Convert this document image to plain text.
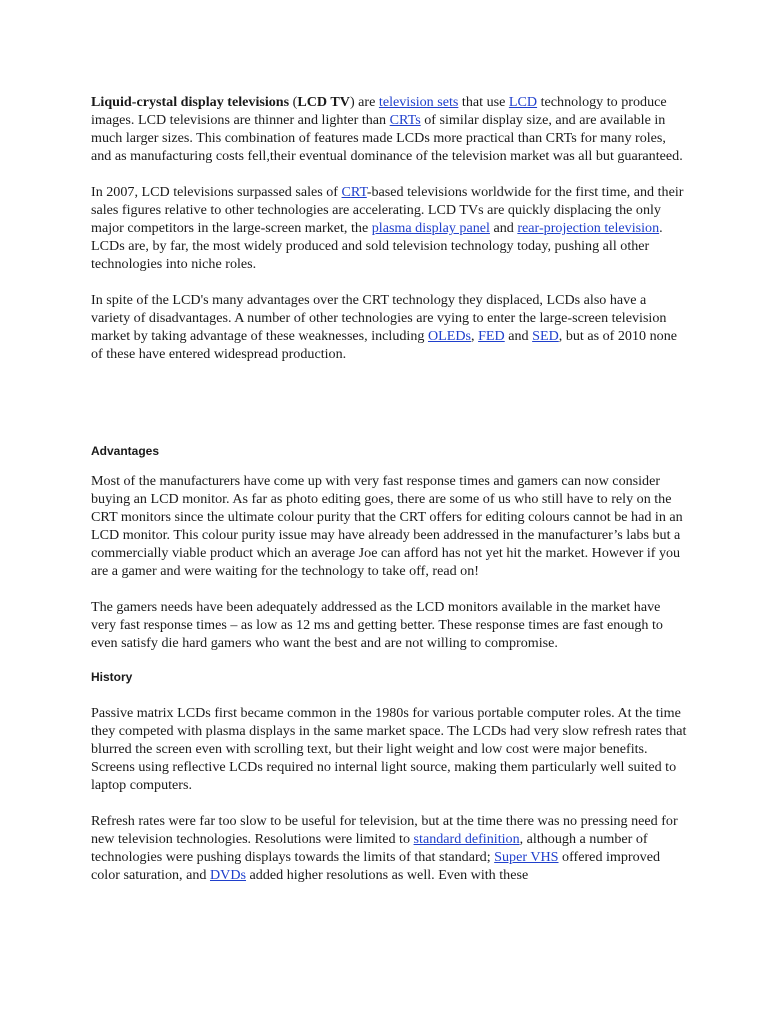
Liquid-crystal display televisions (LCD TV) are television sets that use LCD technology to produce images. LCD televisions are thinner and lighter than CRTs of similar display size, and are available in much larger sizes. This combination of features made LCDs more practical than CRTs for many roles, and as manufacturing costs fell,their eventual dominance of the television market was all but guaranteed.

In 2007, LCD televisions surpassed sales of CRT-based televisions worldwide for the first time, and their sales figures relative to other technologies are accelerating. LCD TVs are quickly displacing the only major competitors in the large-screen market, the plasma display panel and rear-projection television. LCDs are, by far, the most widely produced and sold television technology today, pushing all other technologies into niche roles.

In spite of the LCD's many advantages over the CRT technology they displaced, LCDs also have a variety of disadvantages. A number of other technologies are vying to enter the large-screen television market by taking advantage of these weaknesses, including OLEDs, FED and SED, but as of 2010 none of these have entered widespread production.

Advantages

Most of the manufacturers have come up with very fast response times and gamers can now consider buying an LCD monitor. As far as photo editing goes, there are some of us who still have to rely on the CRT monitors since the ultimate colour purity that the CRT offers for editing colours cannot be had in an LCD monitor. This colour purity issue may have already been addressed in the manufacturer’s labs but a commercially viable product which an average Joe can afford has not yet hit the market. However if you are a gamer and were waiting for the technology to take off, read on!

The gamers needs have been adequately addressed as the LCD monitors available in the market have very fast response times – as low as 12 ms and getting better. These response times are fast enough to even satisfy die hard gamers who want the best and are not willing to compromise.

History

Passive matrix LCDs first became common in the 1980s for various portable computer roles. At the time they competed with plasma displays in the same market space. The LCDs had very slow refresh rates that blurred the screen even with scrolling text, but their light weight and low cost were major benefits. Screens using reflective LCDs required no internal light source, making them particularly well suited to laptop computers.

Refresh rates were far too slow to be useful for television, but at the time there was no pressing need for new television technologies. Resolutions were limited to standard definition, although a number of technologies were pushing displays towards the limits of that standard; Super VHS offered improved color saturation, and DVDs added higher resolutions as well. Even with these
